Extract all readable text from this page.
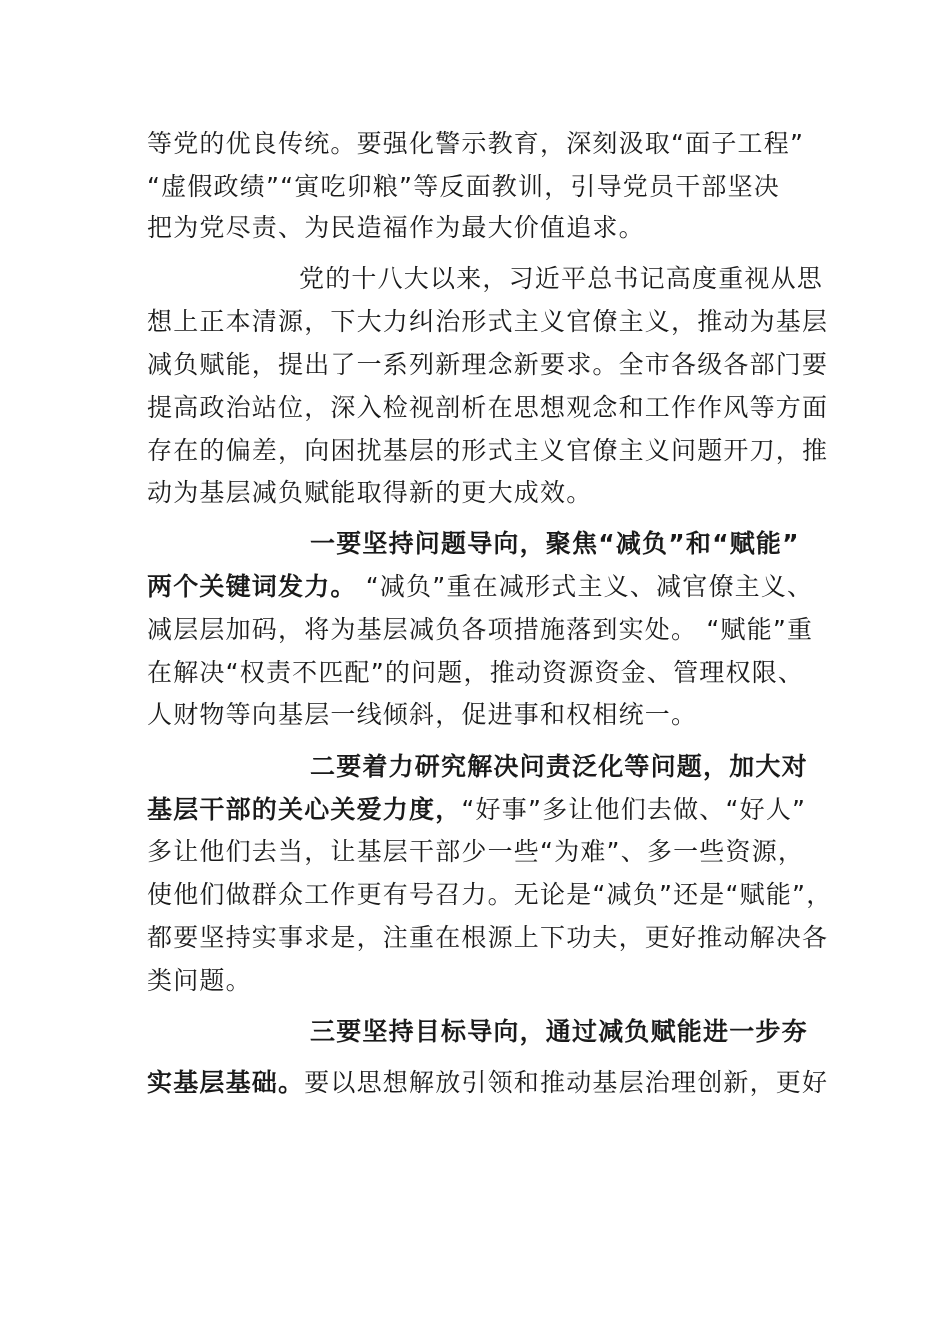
等党的优良传统。要强化警示教育，深刻汲取“面子工程”
“虚假政绩”“寅吃卯粮”等反面教训，引导党员干部坚决
把为党尽责、为民造福作为最大价值追求。
党的十八大以来，习近平总书记高度重视从思
想上正本清源，下大力纠治形式主义官僚主义，推动为基层
减负赋能，提出了一系列新理念新要求。全市各级各部门要
提高政治站位，深入检视剖析在思想观念和工作作风等方面
存在的偏差，向困扰基层的形式主义官僚主义问题开刀，推
动为基层减负赋能取得新的更大成效。
一要坚持问题导向，聚焦“减负”和“赋能”
两个关键词发力。 “减负”重在减形式主义、减官僚主义、
减层层加码，将为基层减负各项措施落到实处。 “赋能”重
在解决“权责不匹配”的问题，推动资源资金、管理权限、
人财物等向基层一线倾斜，促进事和权相统一。
二要着力研究解决问责泛化等问题，加大对
基层干部的关心关爱力度，“好事”多让他们去做、“好人”
多让他们去当，让基层干部少一些“为难”、多一些资源，
使他们做群众工作更有号召力。无论是“减负”还是“赋能”，
都要坚持实事求是，注重在根源上下功夫，更好推动解决各
类问题。
三要坚持目标导向，通过减负赋能进一步夯
实基层基础。要以思想解放引领和推动基层治理创新，更好
